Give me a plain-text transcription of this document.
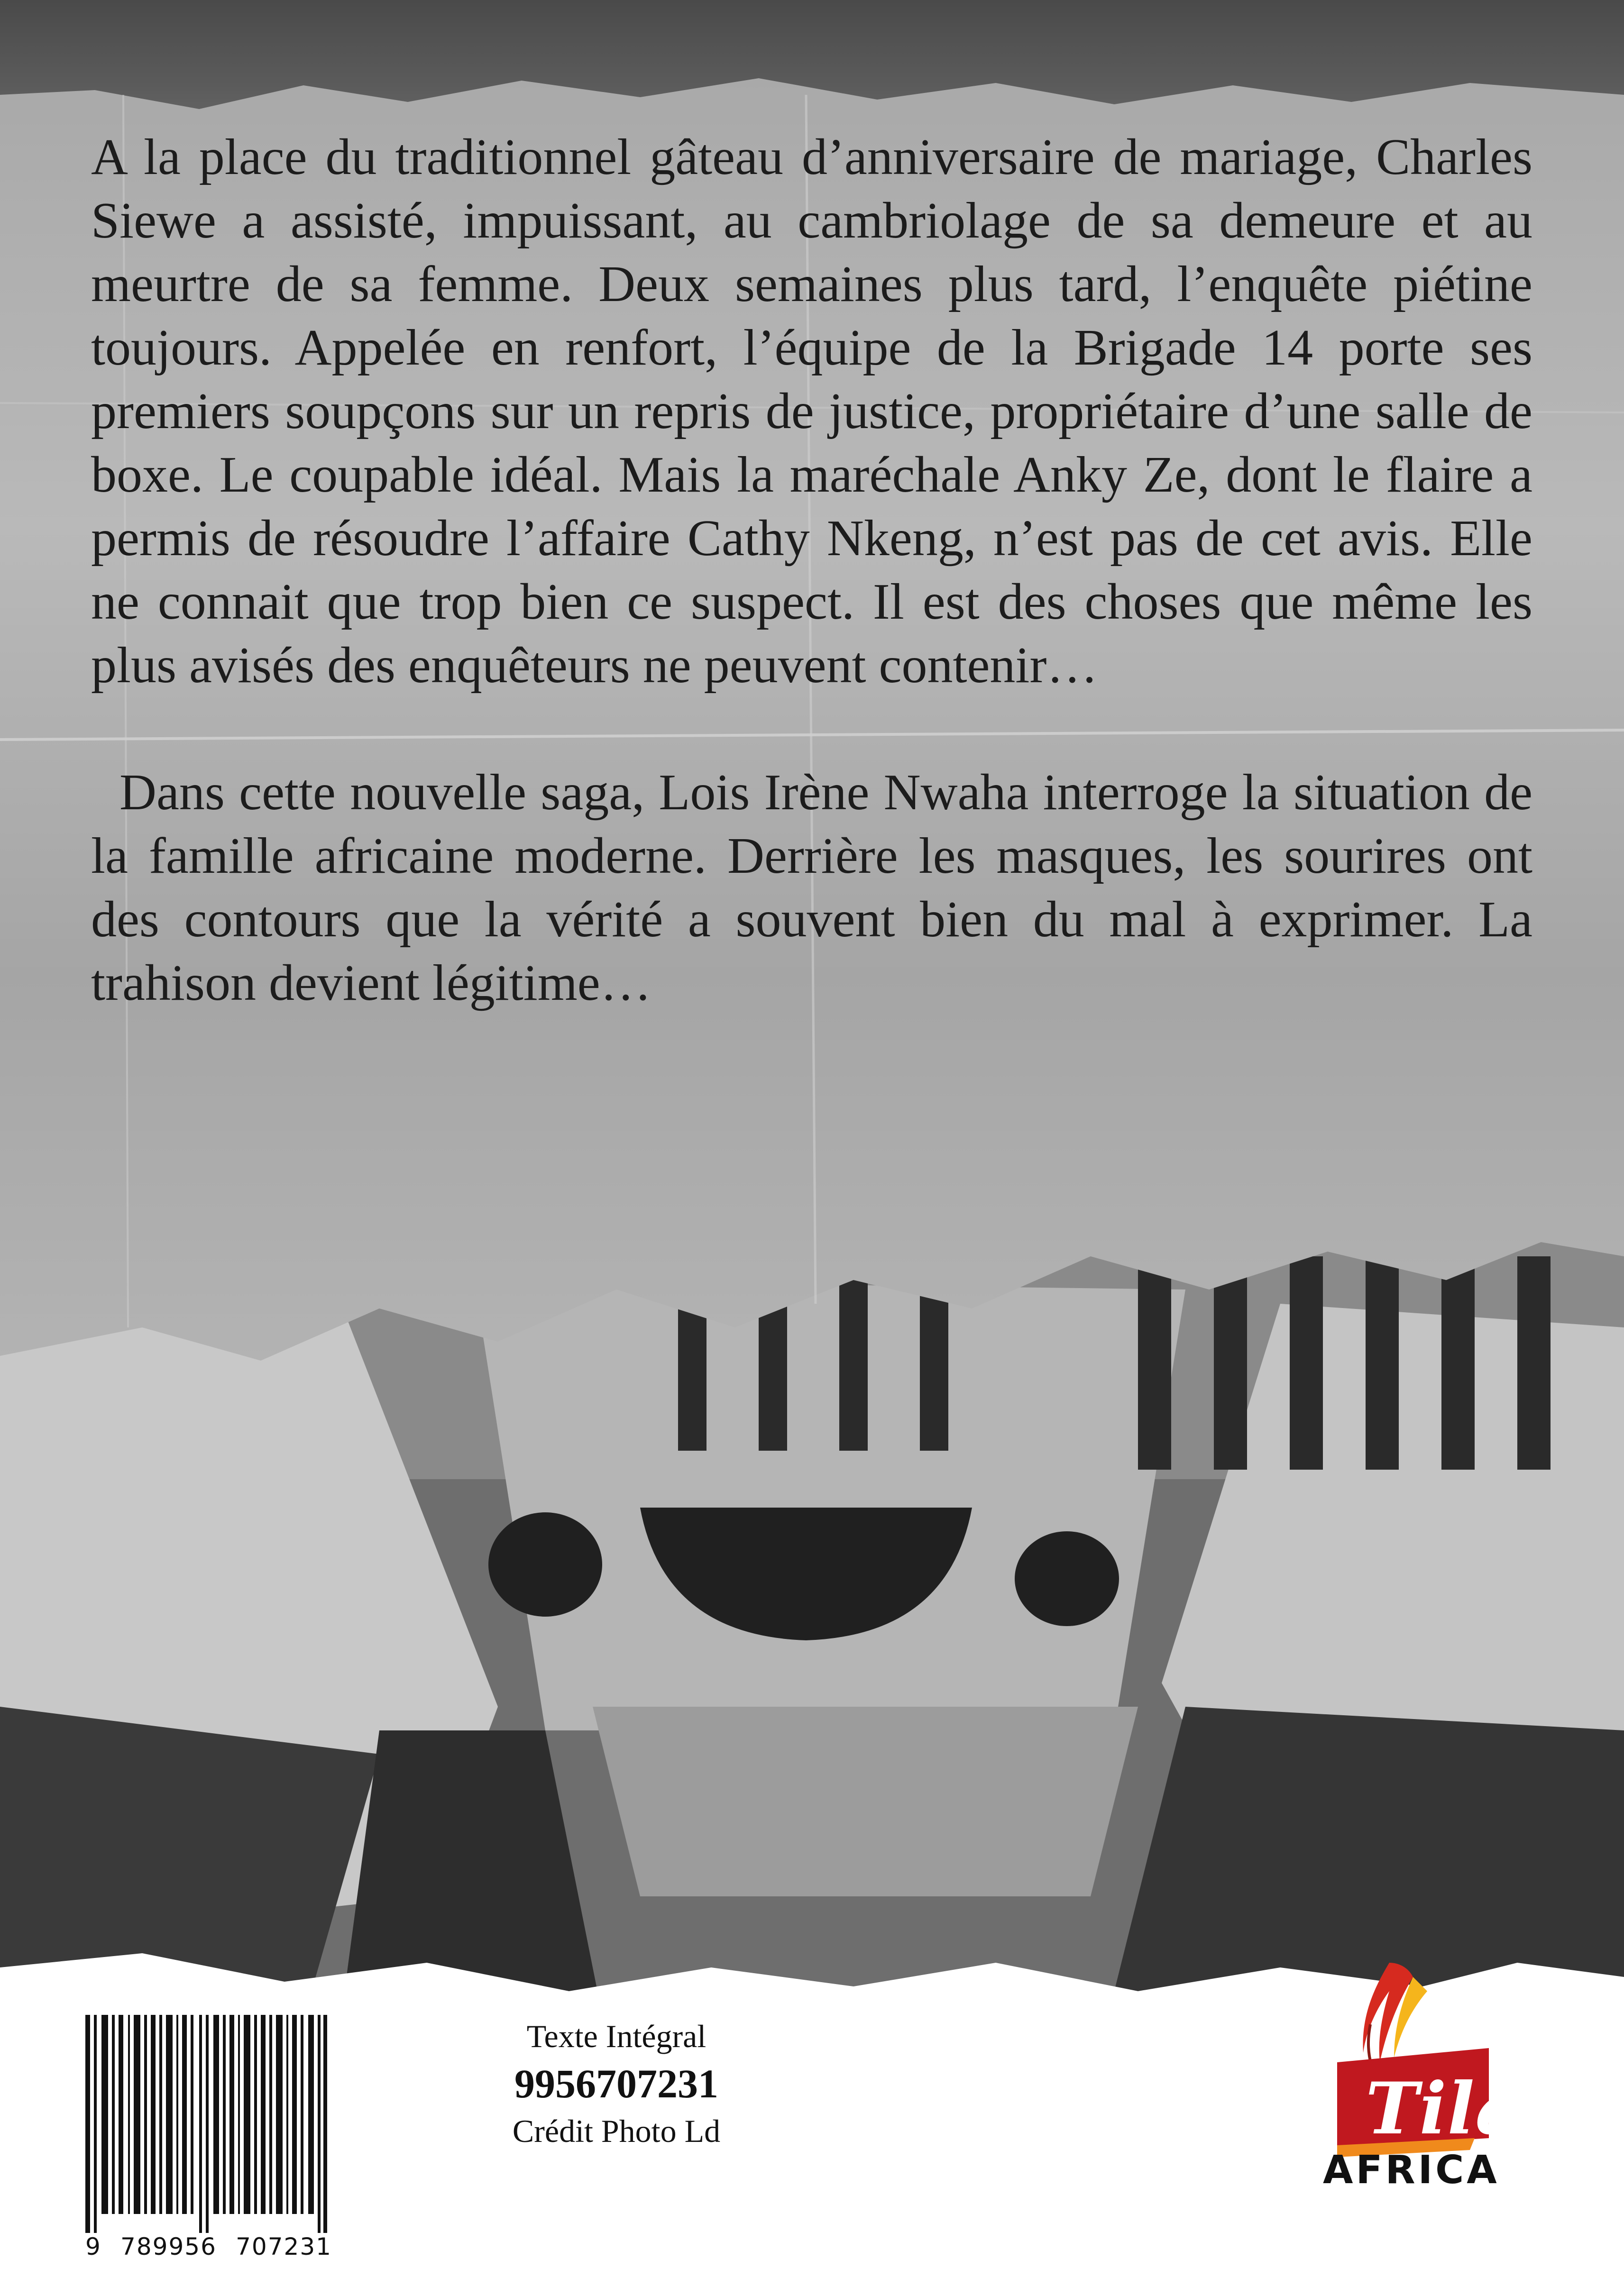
A la place du traditionnel gâteau d’anniversaire de mariage, Charles Siewe a assisté, impuissant, au cambriolage de sa demeure et au meurtre de sa femme. Deux semaines plus tard, l’enquête piétine toujours. Appelée en renfort, l’équipe de la Brigade 14 porte ses premiers soupçons sur un repris de justice, propriétaire d’une salle de boxe. Le coupable idéal. Mais la maréchale Anky Ze, dont le flaire a permis de résoudre l’affaire Cathy Nkeng, n’est pas de cet avis. Elle ne connait que trop bien ce suspect. Il est des choses que même les plus avisés des enquêteurs ne peuvent contenir…

Dans cette nouvelle saga, Lois Irène Nwaha interroge la situation de la famille africaine moderne. Derrière les masques, les sourires ont des contours que la vérité a souvent bien du mal à exprimer. La trahison devient légitime…

9 789956 707231
Texte Intégral
9956707231
Crédit Photo Ld	Tila
AFRICA
